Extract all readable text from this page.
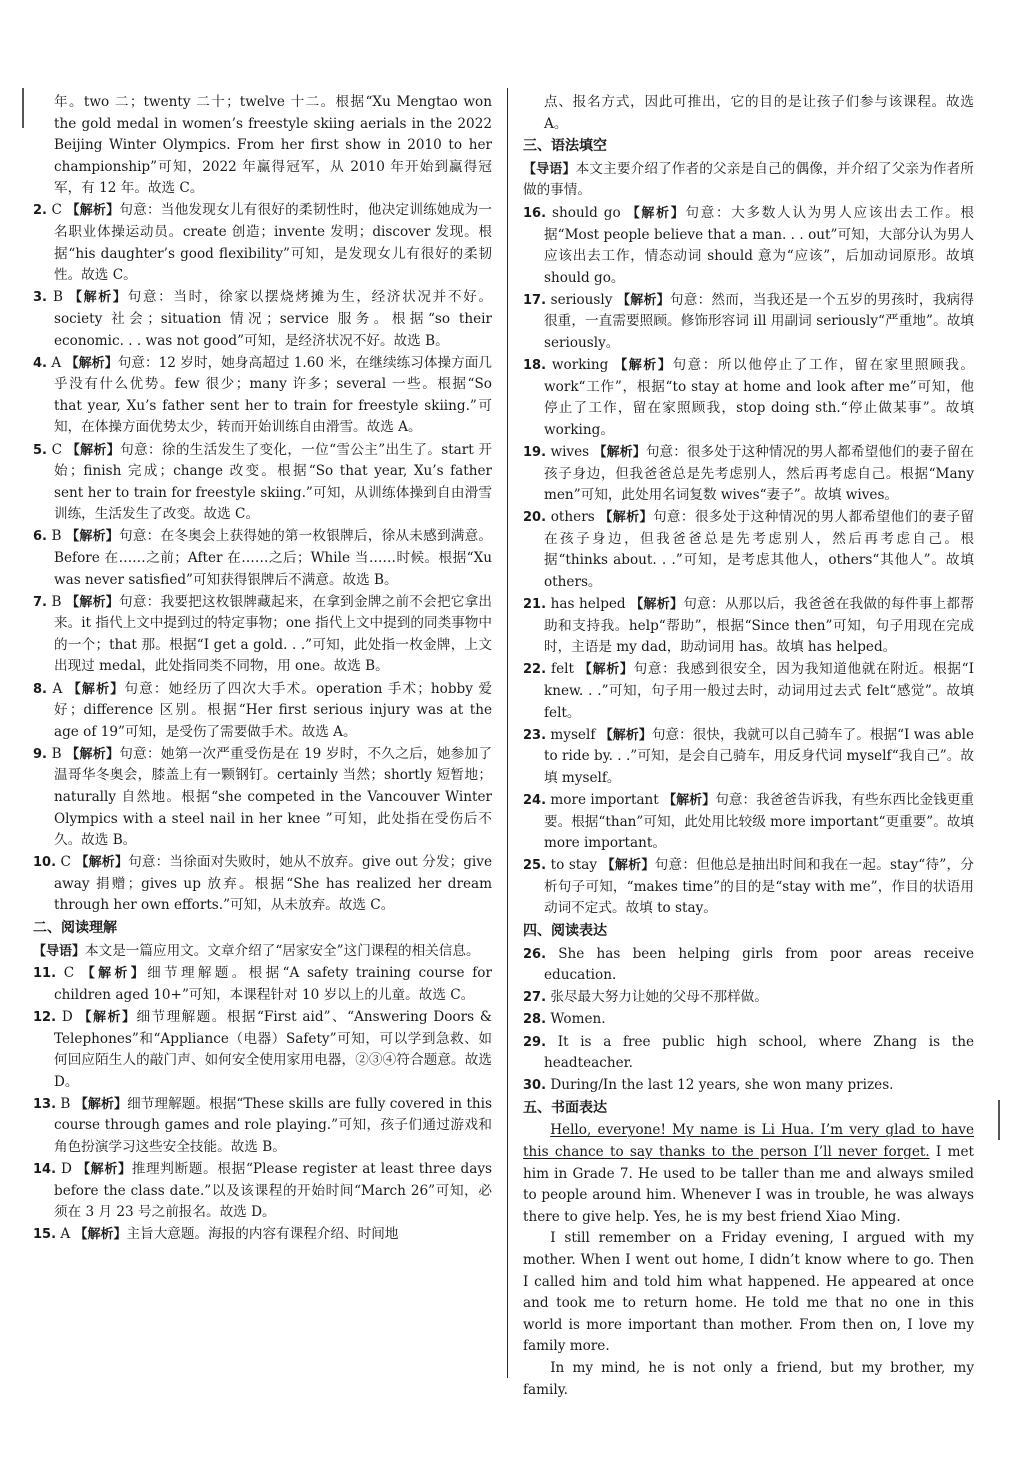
年。two 二；twenty 二十；twelve 十二。根据“Xu Mengtao won the gold medal in women’s freestyle skiing aerials in the 2022 Beijing Winter Olympics. From her first show in 2010 to her championship”可知，2022 年赢得冠军，从 2010 年开始到赢得冠军，有 12 年。故选 C。
2. C 【解析】句意：当他发现女儿有很好的柔韧性时，他决定训练她成为一名职业体操运动员。create 创造；invente 发明；discover 发现。根据“his daughter’s good flexibility”可知，是发现女儿有很好的柔韧性。故选 C。
3. B 【解析】句意：当时，徐家以摆烧烤摊为生，经济状况并不好。society 社会；situation 情况；service 服务。根据“so their economic. . . was not good”可知，是经济状况不好。故选 B。
4. A 【解析】句意：12 岁时，她身高超过 1.60 米，在继续练习体操方面几乎没有什么优势。few 很少；many 许多；several 一些。根据“So that year, Xu’s father sent her to train for freestyle skiing.”可知，在体操方面优势太少，转而开始训练自由滑雪。故选 A。
5. C 【解析】句意：徐的生活发生了变化，一位“雪公主”出生了。start 开始；finish 完成；change 改变。根据“So that year, Xu’s father sent her to train for freestyle skiing.”可知，从训练体操到自由滑雪训练，生活发生了改变。故选 C。
6. B 【解析】句意：在冬奥会上获得她的第一枚银牌后，徐从未感到满意。Before 在……之前；After 在……之后；While 当……时候。根据“Xu was never satisfied”可知获得银牌后不满意。故选 B。
7. B 【解析】句意：我要把这枚银牌藏起来，在拿到金牌之前不会把它拿出来。it 指代上文中提到过的特定事物；one 指代上文中提到的同类事物中的一个；that 那。根据“I get a gold. . .”可知，此处指一枚金牌，上文出现过 medal，此处指同类不同物，用 one。故选 B。
8. A 【解析】句意：她经历了四次大手术。operation 手术；hobby 爱好；difference 区别。根据“Her first serious injury was at the age of 19”可知，是受伤了需要做手术。故选 A。
9. B 【解析】句意：她第一次严重受伤是在 19 岁时，不久之后，她参加了温哥华冬奥会，膝盖上有一颗钢钉。certainly 当然；shortly 短暂地；naturally 自然地。根据“she competed in the Vancouver Winter Olympics with a steel nail in her knee ”可知，此处指在受伤后不久。故选 B。
10. C 【解析】句意：当徐面对失败时，她从不放弃。give out 分发；give away 捐赠；gives up 放弃。根据“She has realized her dream through her own efforts.”可知，从未放弃。故选 C。
二、阅读理解
【导语】本文是一篇应用文。文章介绍了“居家安全”这门课程的相关信息。
11. C 【解析】细节理解题。根据“A safety training course for children aged 10+”可知，本课程针对 10 岁以上的儿童。故选 C。
12. D 【解析】细节理解题。根据“First aid”、“Answering Doors & Telephones”和“Appliance（电器）Safety”可知，可以学到急救、如何回应陌生人的敲门声、如何安全使用家用电器，②③④符合题意。故选 D。
13. B 【解析】细节理解题。根据“These skills are fully covered in this course through games and role playing.”可知，孩子们通过游戏和角色扮演学习这些安全技能。故选 B。
14. D 【解析】推理判断题。根据“Please register at least three days before the class date.”以及该课程的开始时间“March 26”可知，必须在 3 月 23 号之前报名。故选 D。
15. A 【解析】主旨大意题。海报的内容有课程介绍、时间地
点、报名方式，因此可推出，它的目的是让孩子们参与该课程。故选 A。
三、语法填空
【导语】本文主要介绍了作者的父亲是自己的偶像，并介绍了父亲为作者所做的事情。
16. should go 【解析】句意：大多数人认为男人应该出去工作。根据“Most people believe that a man. . . out”可知，大部分认为男人应该出去工作，情态动词 should 意为“应该”，后加动词原形。故填 should go。
17. seriously 【解析】句意：然而，当我还是一个五岁的男孩时，我病得很重，一直需要照顾。修饰形容词 ill 用副词 seriously“严重地”。故填 seriously。
18. working 【解析】句意：所以他停止了工作，留在家里照顾我。work“工作”，根据“to stay at home and look after me”可知，他停止了工作，留在家照顾我，stop doing sth.“停止做某事”。故填 working。
19. wives 【解析】句意：很多处于这种情况的男人都希望他们的妻子留在孩子身边，但我爸爸总是先考虑别人，然后再考虑自己。根据“Many men”可知，此处用名词复数 wives“妻子”。故填 wives。
20. others 【解析】句意：很多处于这种情况的男人都希望他们的妻子留在孩子身边，但我爸爸总是先考虑别人，然后再考虑自己。根据“thinks about. . .”可知，是考虑其他人，others“其他人”。故填 others。
21. has helped 【解析】句意：从那以后，我爸爸在我做的每件事上都帮助和支持我。help“帮助”，根据“Since then”可知，句子用现在完成时，主语是 my dad，助动词用 has。故填 has helped。
22. felt 【解析】句意：我感到很安全，因为我知道他就在附近。根据“I knew. . .”可知，句子用一般过去时，动词用过去式 felt“感觉”。故填 felt。
23. myself 【解析】句意：很快，我就可以自己骑车了。根据“I was able to ride by. . .”可知，是会自己骑车，用反身代词 myself“我自己”。故填 myself。
24. more important 【解析】句意：我爸爸告诉我，有些东西比金钱更重要。根据“than”可知，此处用比较级 more important“更重要”。故填 more important。
25. to stay 【解析】句意：但他总是抽出时间和我在一起。stay“待”，分析句子可知，“makes time”的目的是“stay with me”，作目的状语用动词不定式。故填 to stay。
四、阅读表达
26. She has been helping girls from poor areas receive education.
27. 张尽最大努力让她的父母不那样做。
28. Women.
29. It is a free public high school, where Zhang is the headteacher.
30. During/In the last 12 years, she won many prizes.
五、书面表达

Hello, everyone! My name is Li Hua. I’m very glad to have this chance to say thanks to the person I’ll never forget. I met him in Grade 7. He used to be taller than me and always smiled to people around him. Whenever I was in trouble, he was always there to give help. Yes, he is my best friend Xiao Ming.

I still remember on a Friday evening, I argued with my mother. When I went out home, I didn’t know where to go. Then I called him and told him what happened. He appeared at once and took me to return home. He told me that no one in this world is more important than mother. From then on, I love my family more.

In my mind, he is not only a friend, but my brother, my family.
